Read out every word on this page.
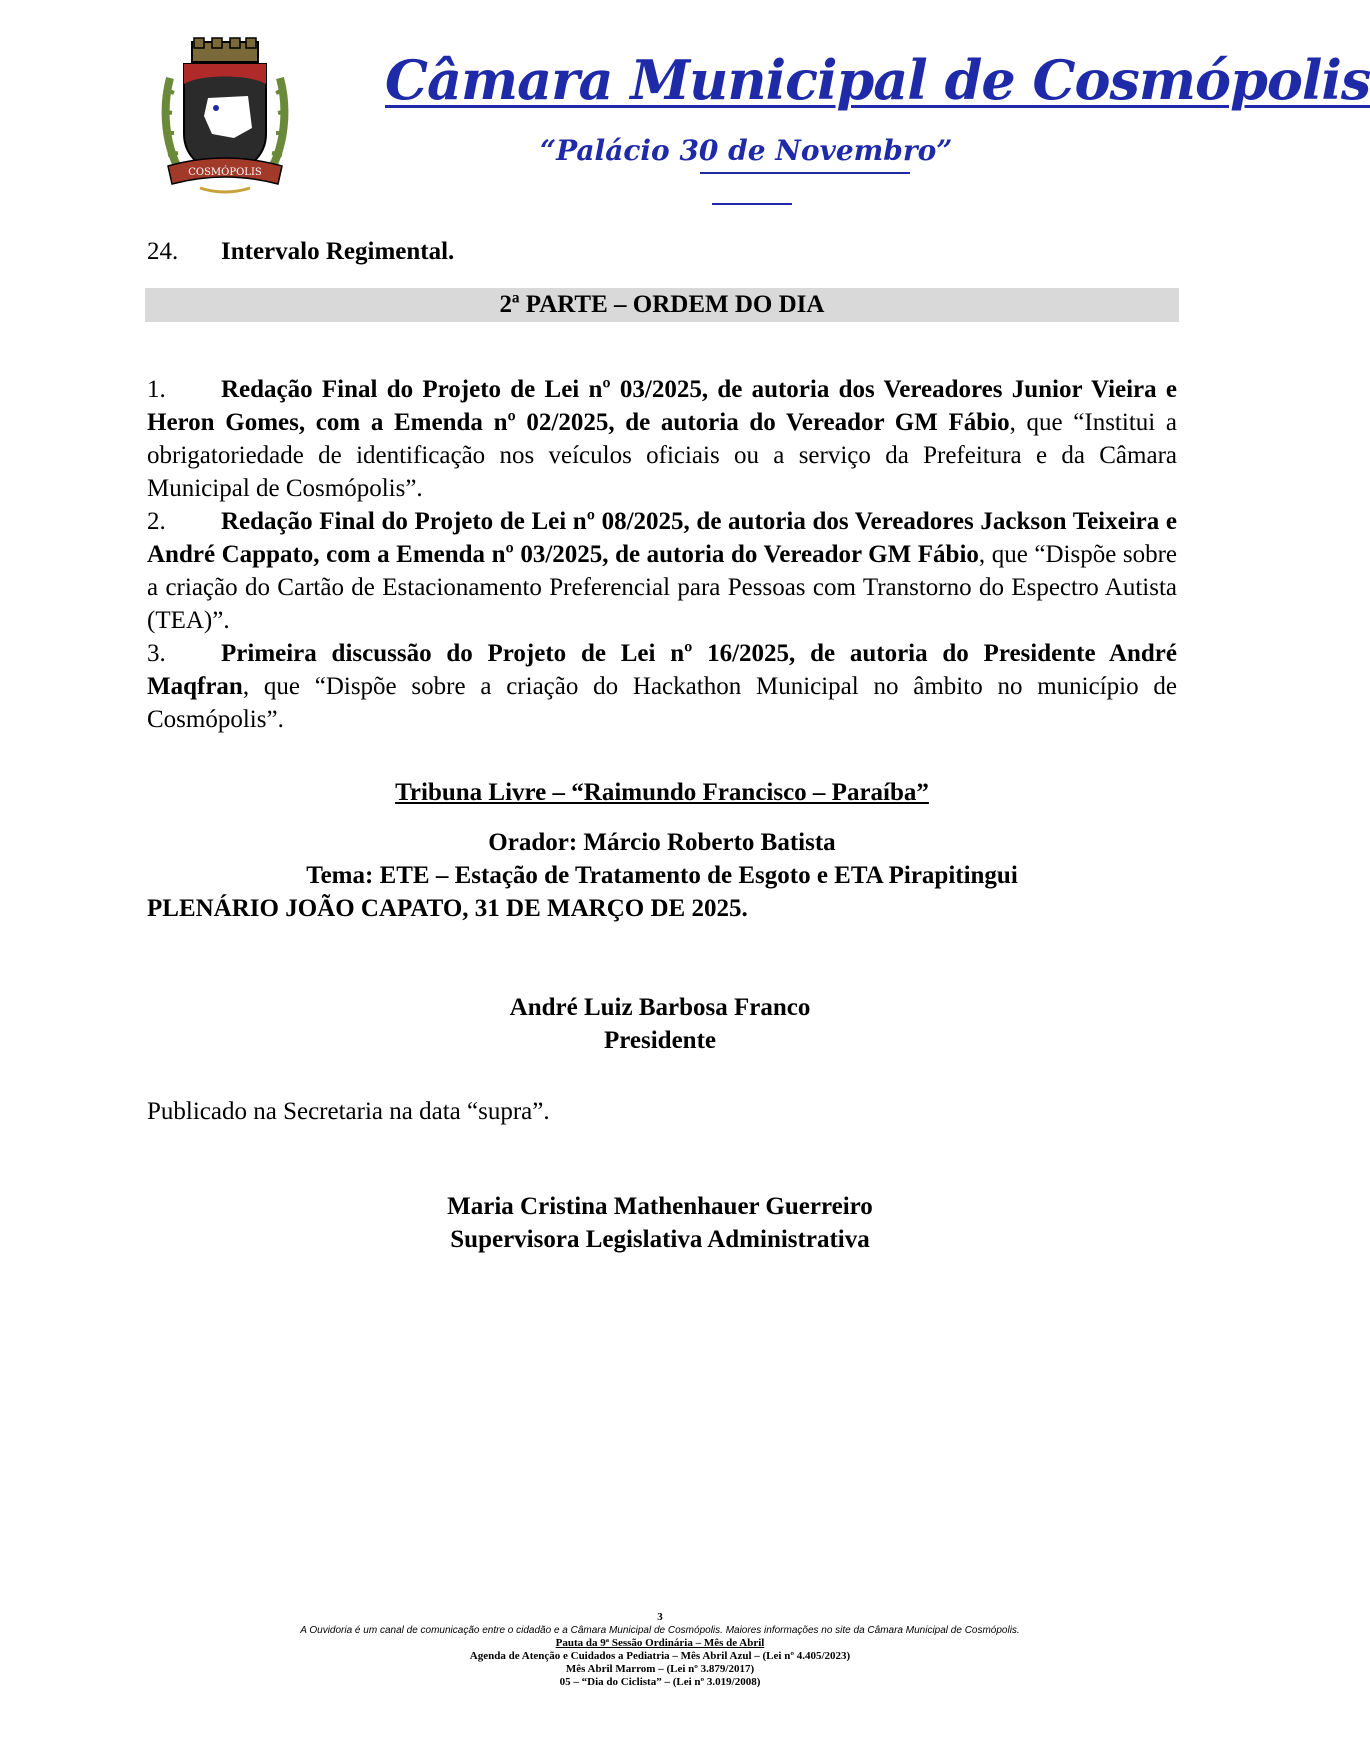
COSMÓPOLIS
Câmara Municipal de Cosmópolis
“Palácio 30 de Novembro”
24. Intervalo Regimental.
2ª PARTE – ORDEM DO DIA
1. Redação Final do Projeto de Lei nº 03/2025, de autoria dos Vereadores Junior Vieira e Heron Gomes, com a Emenda nº 02/2025, de autoria do Vereador GM Fábio, que “Institui a obrigatoriedade de identificação nos veículos oficiais ou a serviço da Prefeitura e da Câmara Municipal de Cosmópolis”.
2. Redação Final do Projeto de Lei nº 08/2025, de autoria dos Vereadores Jackson Teixeira e André Cappato, com a Emenda nº 03/2025, de autoria do Vereador GM Fábio, que “Dispõe sobre a criação do Cartão de Estacionamento Preferencial para Pessoas com Transtorno do Espectro Autista (TEA)”.
3. Primeira discussão do Projeto de Lei nº 16/2025, de autoria do Presidente André Maqfran, que “Dispõe sobre a criação do Hackathon Municipal no âmbito no município de Cosmópolis”.
Tribuna Livre – “Raimundo Francisco – Paraíba”
Orador: Márcio Roberto Batista
Tema: ETE – Estação de Tratamento de Esgoto e ETA Pirapitingui
PLENÁRIO JOÃO CAPATO, 31 DE MARÇO DE 2025.
André Luiz Barbosa Franco
Presidente
Publicado na Secretaria na data “supra”.
Maria Cristina Mathenhauer Guerreiro
Supervisora Legislativa Administrativa
3
A Ouvidoria é um canal de comunicação entre o cidadão e a Câmara Municipal de Cosmópolis. Maiores informações no site da Câmara Municipal de Cosmópolis.
Pauta da 9ª Sessão Ordinária – Mês de Abril
Agenda de Atenção e Cuidados a Pediatria – Mês Abril Azul – (Lei nº 4.405/2023)
Mês Abril Marrom – (Lei nº 3.879/2017)
05 – “Dia do Ciclista” – (Lei nº 3.019/2008)
